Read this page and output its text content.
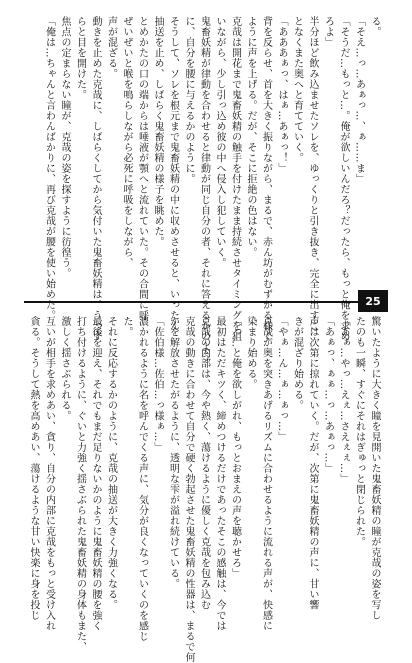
る。
「そえ…っ…あぁっ…、ぁ……ま」
「そうだ…もっと…。俺が欲しいんだろ？だったら、もっと俺を求め
ろよ」
半分ほど飲み込ませたソレを、ゆっくりと引き抜き、完全に出すこ
となくまた奥へと育てていく。
「あああぁっ、はぁ…あぁっ！」
背を反らせ、首を大きく振りながら、まるで、赤ん坊がむずかる様く
ように声を上げる。だが、そこに拒絶の色はない。
克哉は開花まで鬼畜妖精の触手を付けたまま持続させタイミングを狙
いながら、少し引っ込め彼の中へ侵入し犯していく。
鬼畜妖精が律動を合わせると律動が同じ自分の者、それに答えるかのよう
に、自分を腰に与えるかのように。
そうして、ソレを根元まで鬼畜妖精の中に収めさせると、いったん
抽送を止め、しばらく鬼畜妖精の様子を眺めた。
とめかたの口の端からは唾液が顎へと流れていた。その合間に呼
ぜいぜいと喉を鳴らしながら必死に呼吸をしながら、
声が混ざる。
動きを止めた克哉に、しばらくしてから気付いた鬼畜妖精は、うっす
らと目を開けた。
焦点の定まらない瞳が、克哉の姿を探すように彷徨う。
「俺は…ちゃんと言わんばかりに、再び克哉が腰を使い始めた。	25
驚いたように大きく瞳を見開いた鬼畜妖精の瞳が克哉の姿を写し
たのも一瞬、すぐにそれはぎゅっと閉じられた。
「あぁ…やっ…えぇ…さえぇぇ…」
「あぁっ、ぁぁ…っ…あぁっ…」
声は次第に掠れていく。だが、次第に鬼畜妖精の声に、甘い響
きが混ざり始める。
「やぁ…ん…ぁ…ぁっ…」
克哉が奥を突きあげるリズムに合わせるように流れる声が、快感に
染まり始める。
「っ…と俺を欲しがれ、もっとおまえの声を聴かせろ」
最初はただキツく、締めつけるだけであったそこの感触は、今では
克哉の内部は、今や熱く、蕩けるように優しく克哉を包み込む
克哉の動きに合わせて自分で硬く勃起させた鬼畜妖精の性器は、まるで何
かを解放させたがるように、透明な雫が溢れ続けている。
「佐伯様…佐伯…っ様ぁ…」
濃かれるように名を呼んでくる声に、気分が良くなっていくのを感じ
た。
それに反応するかのように、克哉の抽送が大きく力強くなる。
最後を迎え、それでもまだ足りないかのように鬼畜妖精の腰を強く
打ち付けるように、ぐいと力強く揺さぶられた鬼畜妖精の身体もまた、
激しく揺さぶられる。
互いが相手を求めあい、貪り、自分の内部に克哉をもっと受け入れ
貪る。そうして熱を高めあい、蕩けるような甘い快楽に身を投じ
